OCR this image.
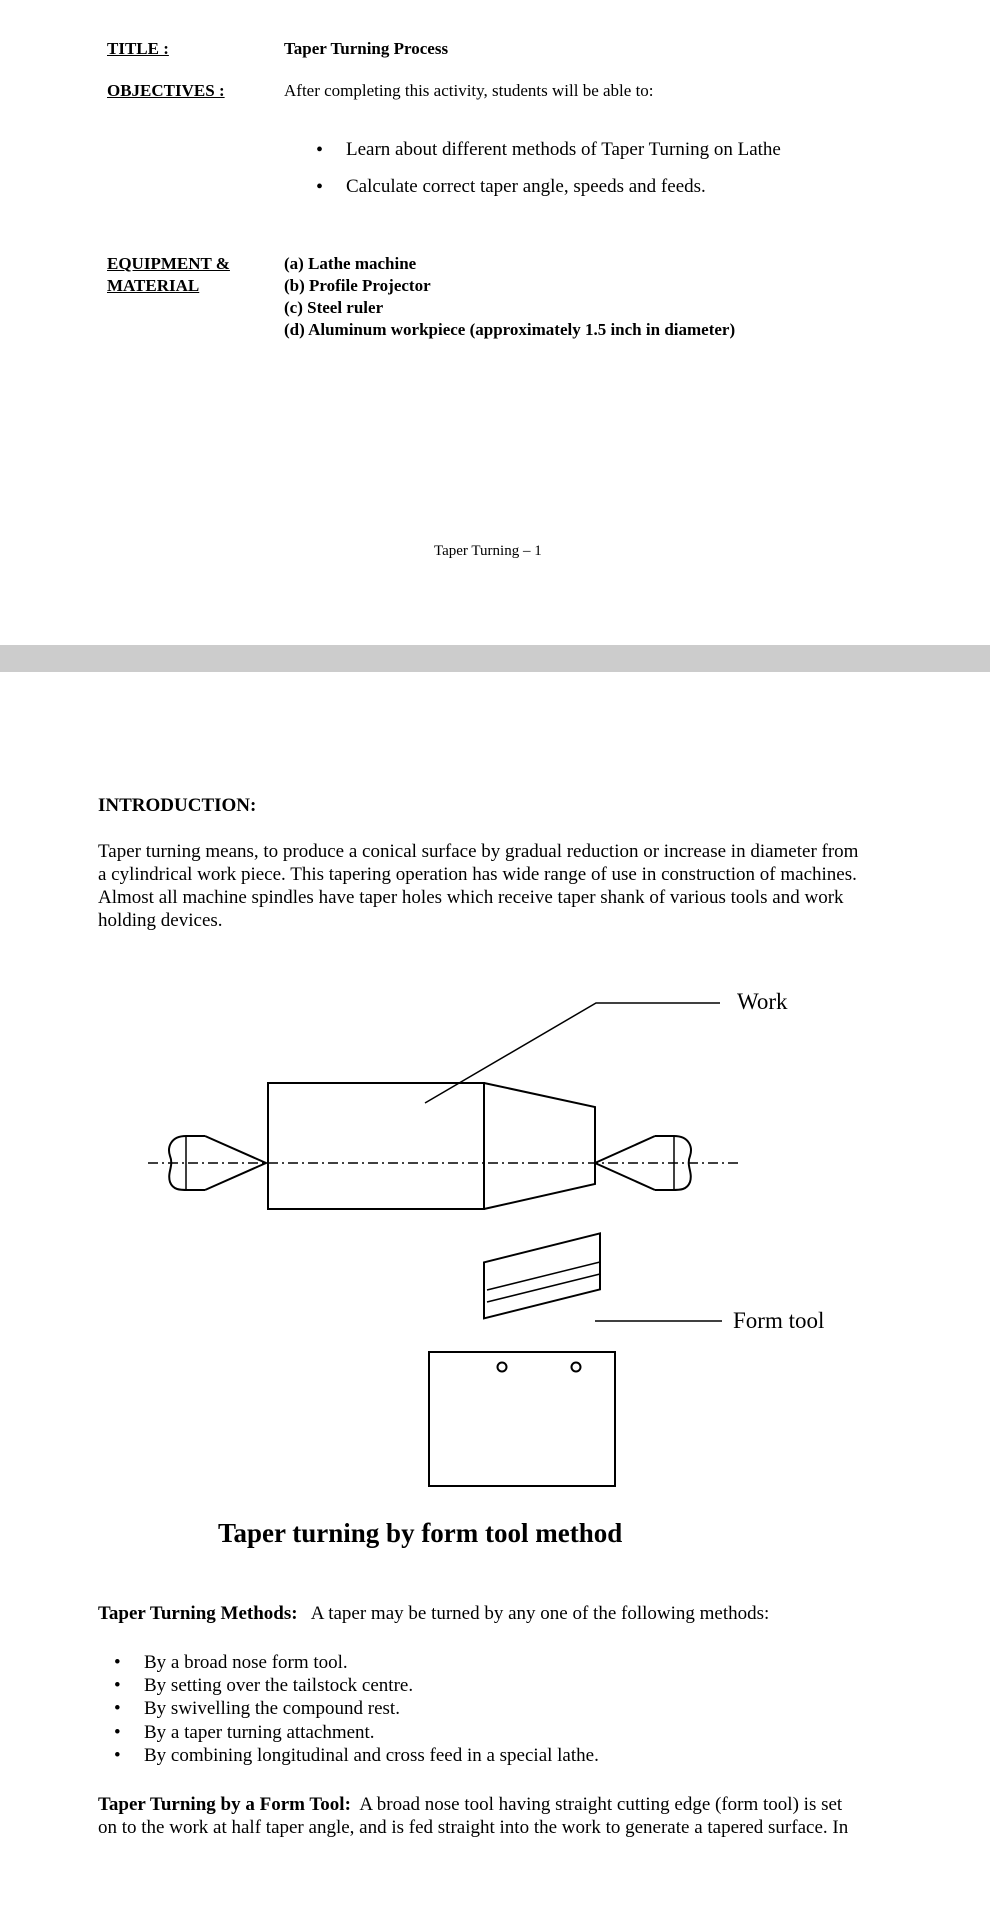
TITLE :	Taper Turning Process
OBJECTIVES :	After completing this activity, students will be able to:
• Learn about different methods of Taper Turning on Lathe
• Calculate correct taper angle, speeds and feeds.
EQUIPMENT &
MATERIAL
(a) Lathe machine
(b) Profile Projector
(c) Steel ruler
(d) Aluminum workpiece (approximately 1.5 inch in diameter)
Taper Turning – 1
INTRODUCTION:
Taper turning means, to produce a conical surface by gradual reduction or increase in diameter from
a cylindrical work piece. This tapering operation has wide range of use in construction of machines.
Almost all machine spindles have taper holes which receive taper shank of various tools and work
holding devices.
Work
Form tool
Taper turning by form tool method
Taper Turning Methods: A taper may be turned by any one of the following methods:
• By a broad nose form tool.
• By setting over the tailstock centre.
• By swivelling the compound rest.
• By a taper turning attachment.
• By combining longitudinal and cross feed in a special lathe.
Taper Turning by a Form Tool: A broad nose tool having straight cutting edge (form tool) is set
on to the work at half taper angle, and is fed straight into the work to generate a tapered surface. In
